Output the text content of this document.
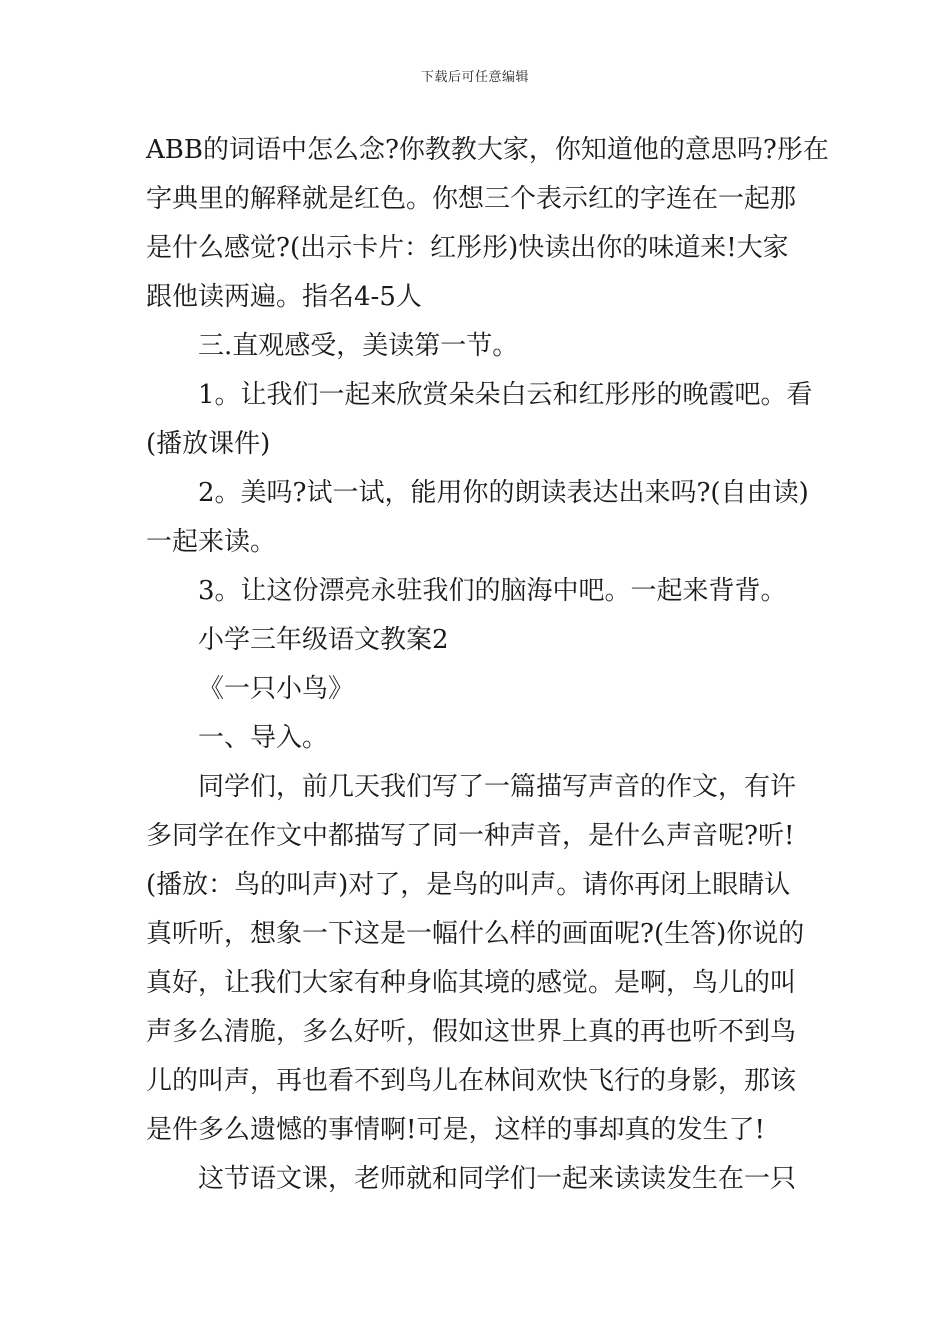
下载后可任意编辑
ABB的词语中怎么念?你教教大家，你知道他的意思吗?彤在
字典里的解释就是红色。你想三个表示红的字连在一起那
是什么感觉?(出示卡片：红彤彤)快读出你的味道来!大家
跟他读两遍。指名4-5人
三.直观感受，美读第一节。
1。让我们一起来欣赏朵朵白云和红彤彤的晚霞吧。看
(播放课件)
2。美吗?试一试，能用你的朗读表达出来吗?(自由读)
一起来读。
3。让这份漂亮永驻我们的脑海中吧。一起来背背。
小学三年级语文教案2
《一只小鸟》
一、导入。
同学们，前几天我们写了一篇描写声音的作文，有许
多同学在作文中都描写了同一种声音，是什么声音呢?听!
(播放：鸟的叫声)对了，是鸟的叫声。请你再闭上眼睛认
真听听，想象一下这是一幅什么样的画面呢?(生答)你说的
真好，让我们大家有种身临其境的感觉。是啊，鸟儿的叫
声多么清脆，多么好听，假如这世界上真的再也听不到鸟
儿的叫声，再也看不到鸟儿在林间欢快飞行的身影，那该
是件多么遗憾的事情啊!可是，这样的事却真的发生了!
这节语文课，老师就和同学们一起来读读发生在一只
